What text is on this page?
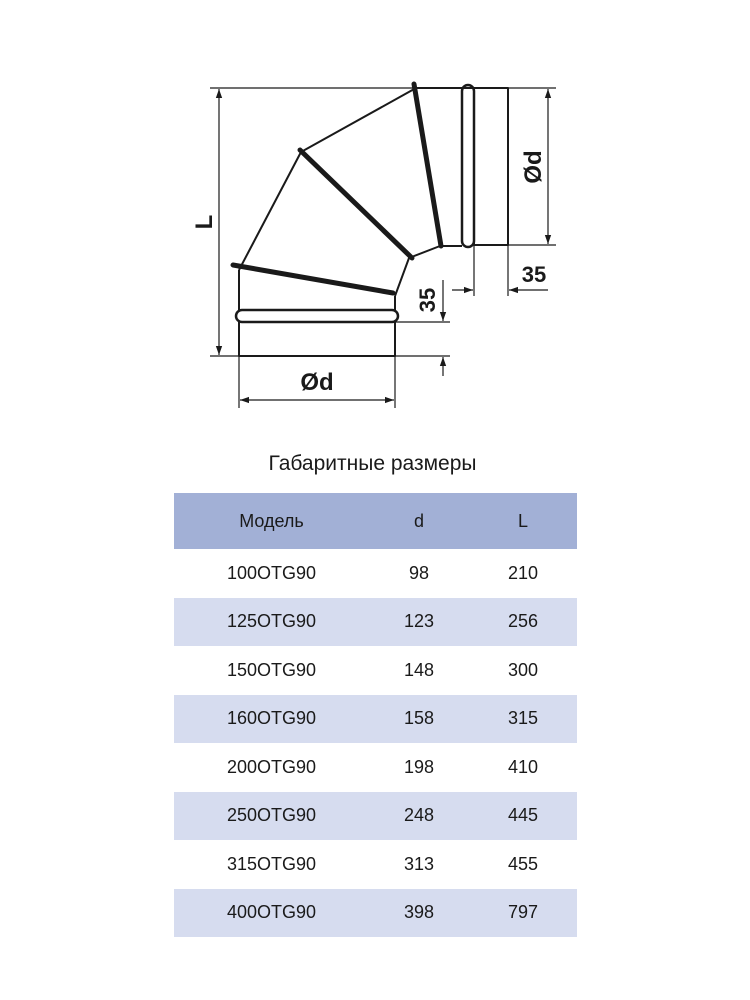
L
Ød
Ød
35
35
Габаритные размеры
Модель	d	L
100OTG90	98	210
125OTG90	123	256
150OTG90	148	300
160OTG90	158	315
200OTG90	198	410
250OTG90	248	445
315OTG90	313	455
400OTG90	398	797
